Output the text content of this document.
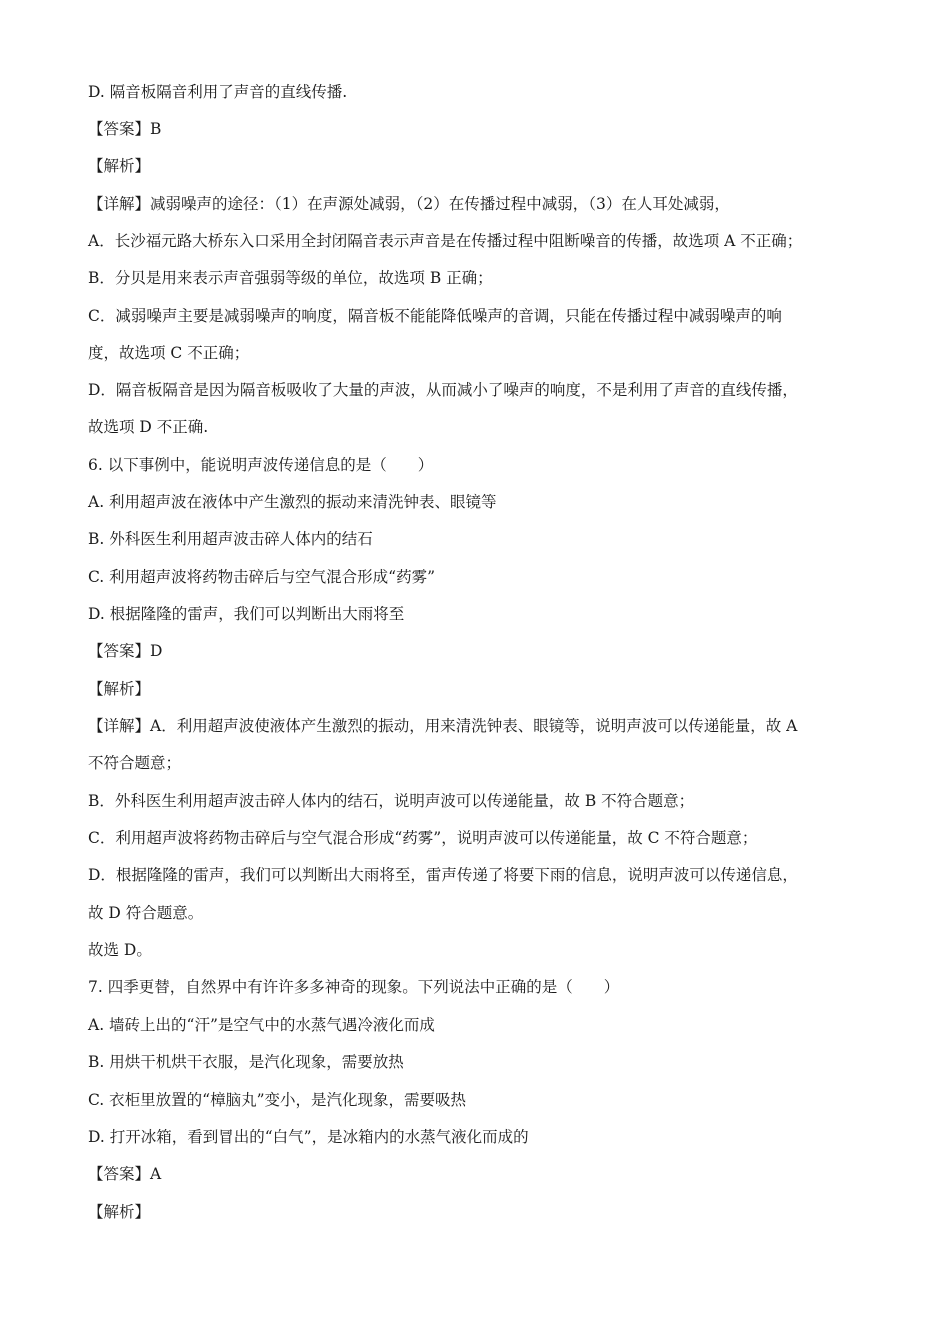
D. 隔音板隔音利用了声音的直线传播.
【答案】B
【解析】
【详解】减弱噪声的途径：（1）在声源处减弱，（2）在传播过程中减弱，（3）在人耳处减弱，
A．长沙福元路大桥东入口采用全封闭隔音表示声音是在传播过程中阻断噪音的传播，故选项 A 不正确；
B．分贝是用来表示声音强弱等级的单位，故选项 B 正确；
C．减弱噪声主要是减弱噪声的响度，隔音板不能能降低噪声的音调，只能在传播过程中减弱噪声的响
度，故选项 C 不正确；
D．隔音板隔音是因为隔音板吸收了大量的声波，从而减小了噪声的响度，不是利用了声音的直线传播，
故选项 D 不正确.
6. 以下事例中，能说明声波传递信息的是（　　）
A. 利用超声波在液体中产生激烈的振动来清洗钟表、眼镜等
B. 外科医生利用超声波击碎人体内的结石
C. 利用超声波将药物击碎后与空气混合形成“药雾”
D. 根据隆隆的雷声，我们可以判断出大雨将至
【答案】D
【解析】
【详解】A．利用超声波使液体产生激烈的振动，用来清洗钟表、眼镜等，说明声波可以传递能量，故 A
不符合题意；
B．外科医生利用超声波击碎人体内的结石，说明声波可以传递能量，故 B 不符合题意；
C．利用超声波将药物击碎后与空气混合形成“药雾”，说明声波可以传递能量，故 C 不符合题意；
D．根据隆隆的雷声，我们可以判断出大雨将至，雷声传递了将要下雨的信息，说明声波可以传递信息，
故 D 符合题意。
故选 D。
7. 四季更替，自然界中有许许多多神奇的现象。下列说法中正确的是（　　）
A. 墙砖上出的“汗”是空气中的水蒸气遇冷液化而成
B. 用烘干机烘干衣服，是汽化现象，需要放热
C. 衣柜里放置的“樟脑丸”变小，是汽化现象，需要吸热
D. 打开冰箱，看到冒出的“白气”，是冰箱内的水蒸气液化而成的
【答案】A
【解析】
